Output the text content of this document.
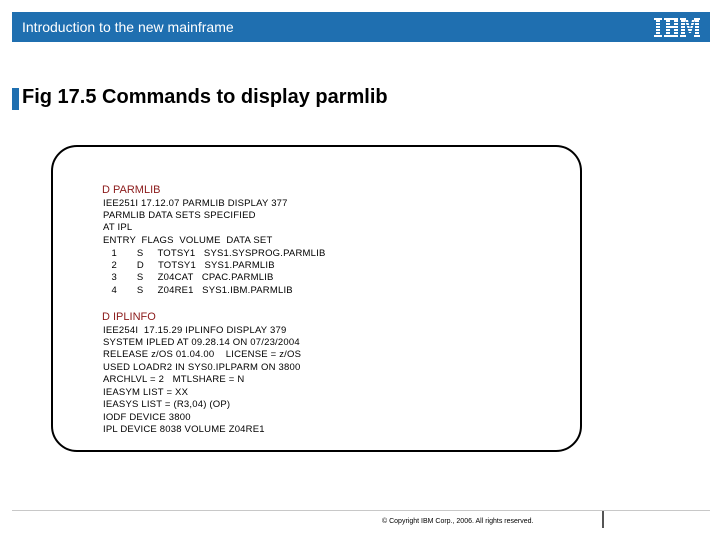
Introduction to the new mainframe
Fig 17.5 Commands to display parmlib
D PARMLIB
IEE251I 17.12.07 PARMLIB DISPLAY 377
PARMLIB DATA SETS SPECIFIED
AT IPL
ENTRY  FLAGS  VOLUME  DATA SET
1       S     TOTSY1   SYS1.SYSPROG.PARMLIB
2       D     TOTSY1   SYS1.PARMLIB
3       S     Z04CAT   CPAC.PARMLIB
4       S     Z04RE1   SYS1.IBM.PARMLIB
D IPLINFO
IEE254I  17.15.29 IPLINFO DISPLAY 379
SYSTEM IPLED AT 09.28.14 ON 07/23/2004
RELEASE z/OS 01.04.00    LICENSE = z/OS
USED LOADR2 IN SYS0.IPLPARM ON 3800
ARCHLVL = 2   MTLSHARE = N
IEASYM LIST = XX
IEASYS LIST = (R3,04) (OP)
IODF DEVICE 3800
IPL DEVICE 8038 VOLUME Z04RE1
© Copyright IBM Corp., 2006. All rights reserved.
